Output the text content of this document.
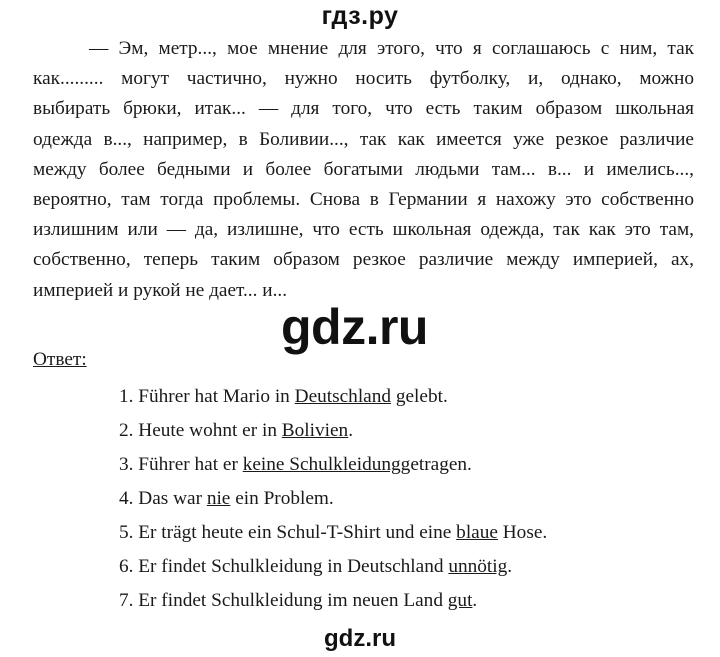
гдз.ру
— Эм, метр..., мое мнение для этого, что я соглашаюсь с ним, так
как......... могут частично, нужно носить футболку, и, однако, можно
выбирать брюки, итак... — для того, что есть таким образом школьная
одежда в..., например, в Боливии..., так как имеется уже резкое различие
между более бедными и более богатыми людьми там... в... и имелись...,
вероятно, там тогда проблемы. Снова в Германии я нахожу это собственно
излишним или — да, излишне, что есть школьная одежда, так как это там,
собственно, теперь таким образом резкое различие между империей, ах,
империей и рукой не дает... и...
gdz.ru
Ответ:
1. Führer hat Mario in Deutschland gelebt.
2. Heute wohnt er in Bolivien.
3. Führer hat er keine Schulkleidunggetragen.
4. Das war nie ein Problem.
5. Er trägt heute ein Schul-T-Shirt und eine blaue Hose.
6. Er findet Schulkleidung in Deutschland unnötig.
7. Er findet Schulkleidung im neuen Land gut.
gdz.ru
